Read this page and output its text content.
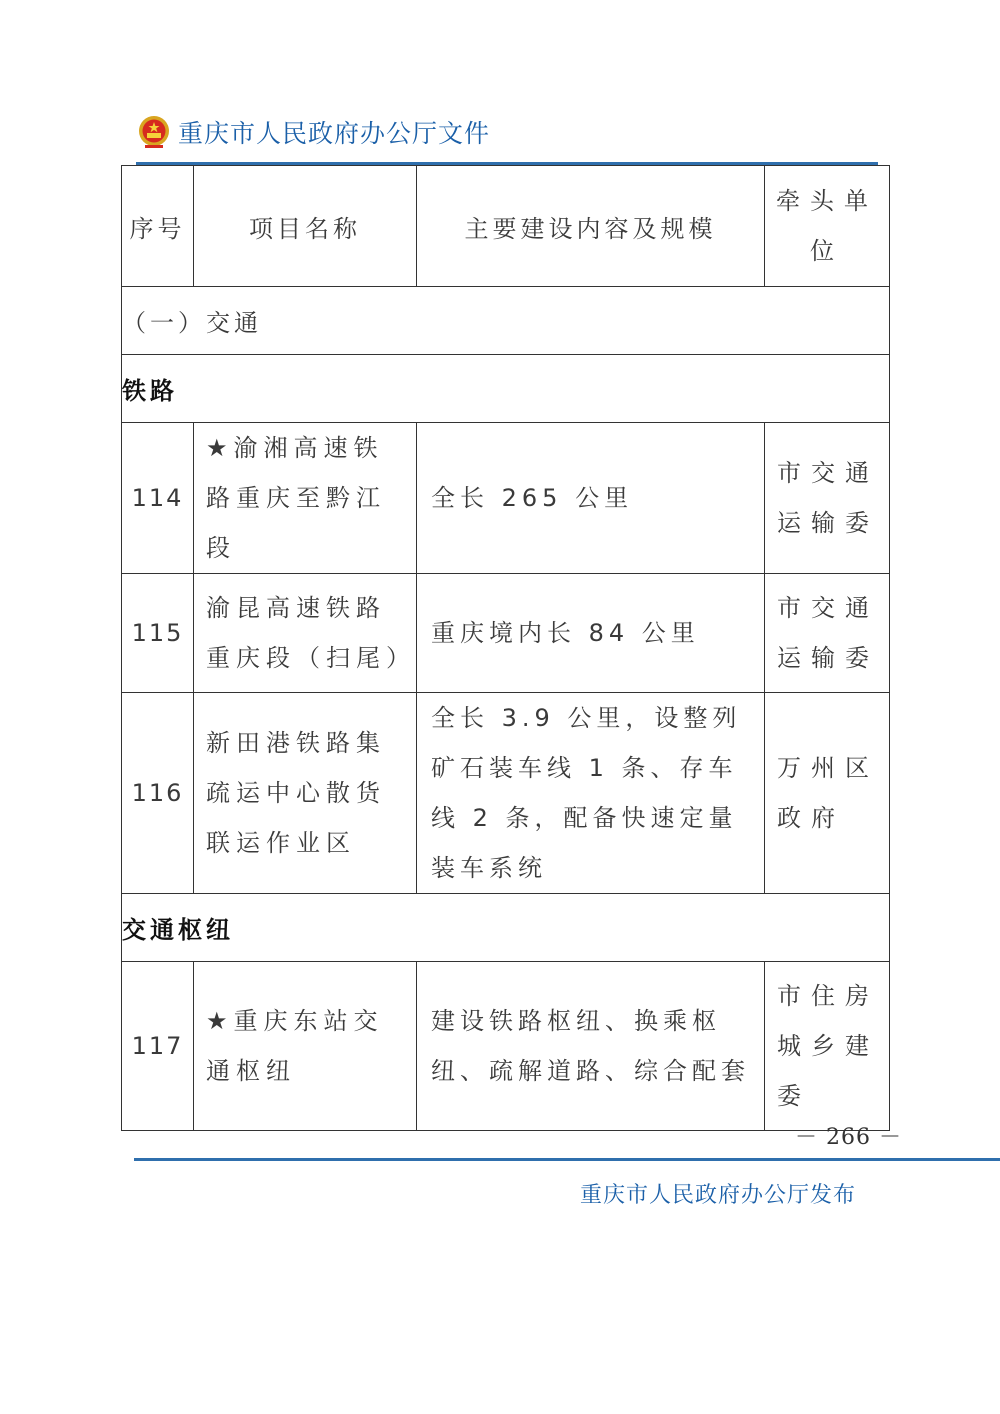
重庆市人民政府办公厅文件
序号	项目名称	主要建设内容及规模	牵头单位
（一）交通			
铁路			
114	★渝湘高速铁路重庆至黔江段	全长 265 公里	市交通运输委
115	渝昆高速铁路重庆段（扫尾）	重庆境内长 84 公里	市交通运输委
116	新田港铁路集疏运中心散货联运作业区	全长 3.9 公里，设整列矿石装车线 1 条、存车线 2 条，配备快速定量装车系统	万州区政府
交通枢纽			
117	★重庆东站交通枢纽	建设铁路枢纽、换乘枢纽、疏解道路、综合配套	市住房城乡建委
－ 266 －
重庆市人民政府办公厅发布
